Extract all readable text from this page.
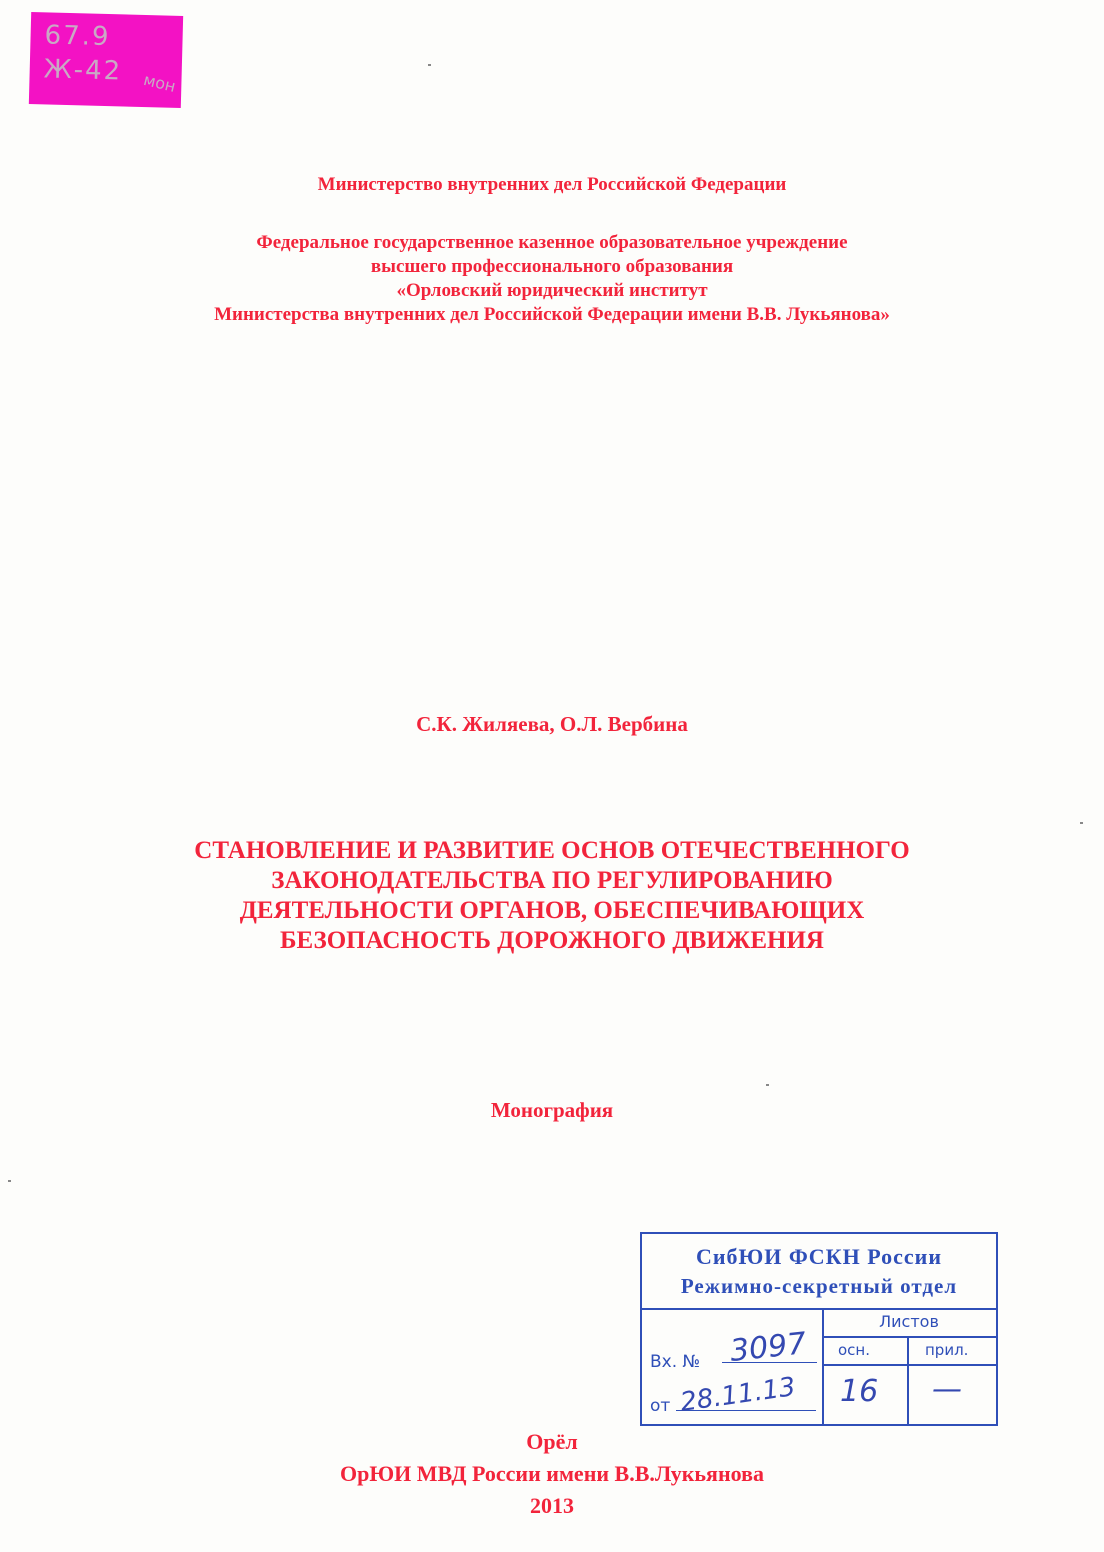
67.9
Ж-42 мон
Министерство внутренних дел Российской Федерации
Федеральное государственное казенное образовательное учреждение
высшего профессионального образования
«Орловский юридический институт
Министерства внутренних дел Российской Федерации имени В.В. Лукьянова»
С.К. Жиляева, О.Л. Вербина
СТАНОВЛЕНИЕ И РАЗВИТИЕ ОСНОВ ОТЕЧЕСТВЕННОГО
ЗАКОНОДАТЕЛЬСТВА ПО РЕГУЛИРОВАНИЮ
ДЕЯТЕЛЬНОСТИ ОРГАНОВ, ОБЕСПЕЧИВАЮЩИХ
БЕЗОПАСНОСТЬ ДОРОЖНОГО ДВИЖЕНИЯ
Монография
СибЮИ ФСКН России
Режимно-секретный отдел
Листов
осн.	прил.
Вх. №
от
3097
28.11.13 16 —
Орёл
ОрЮИ МВД России имени В.В.Лукьянова
2013
